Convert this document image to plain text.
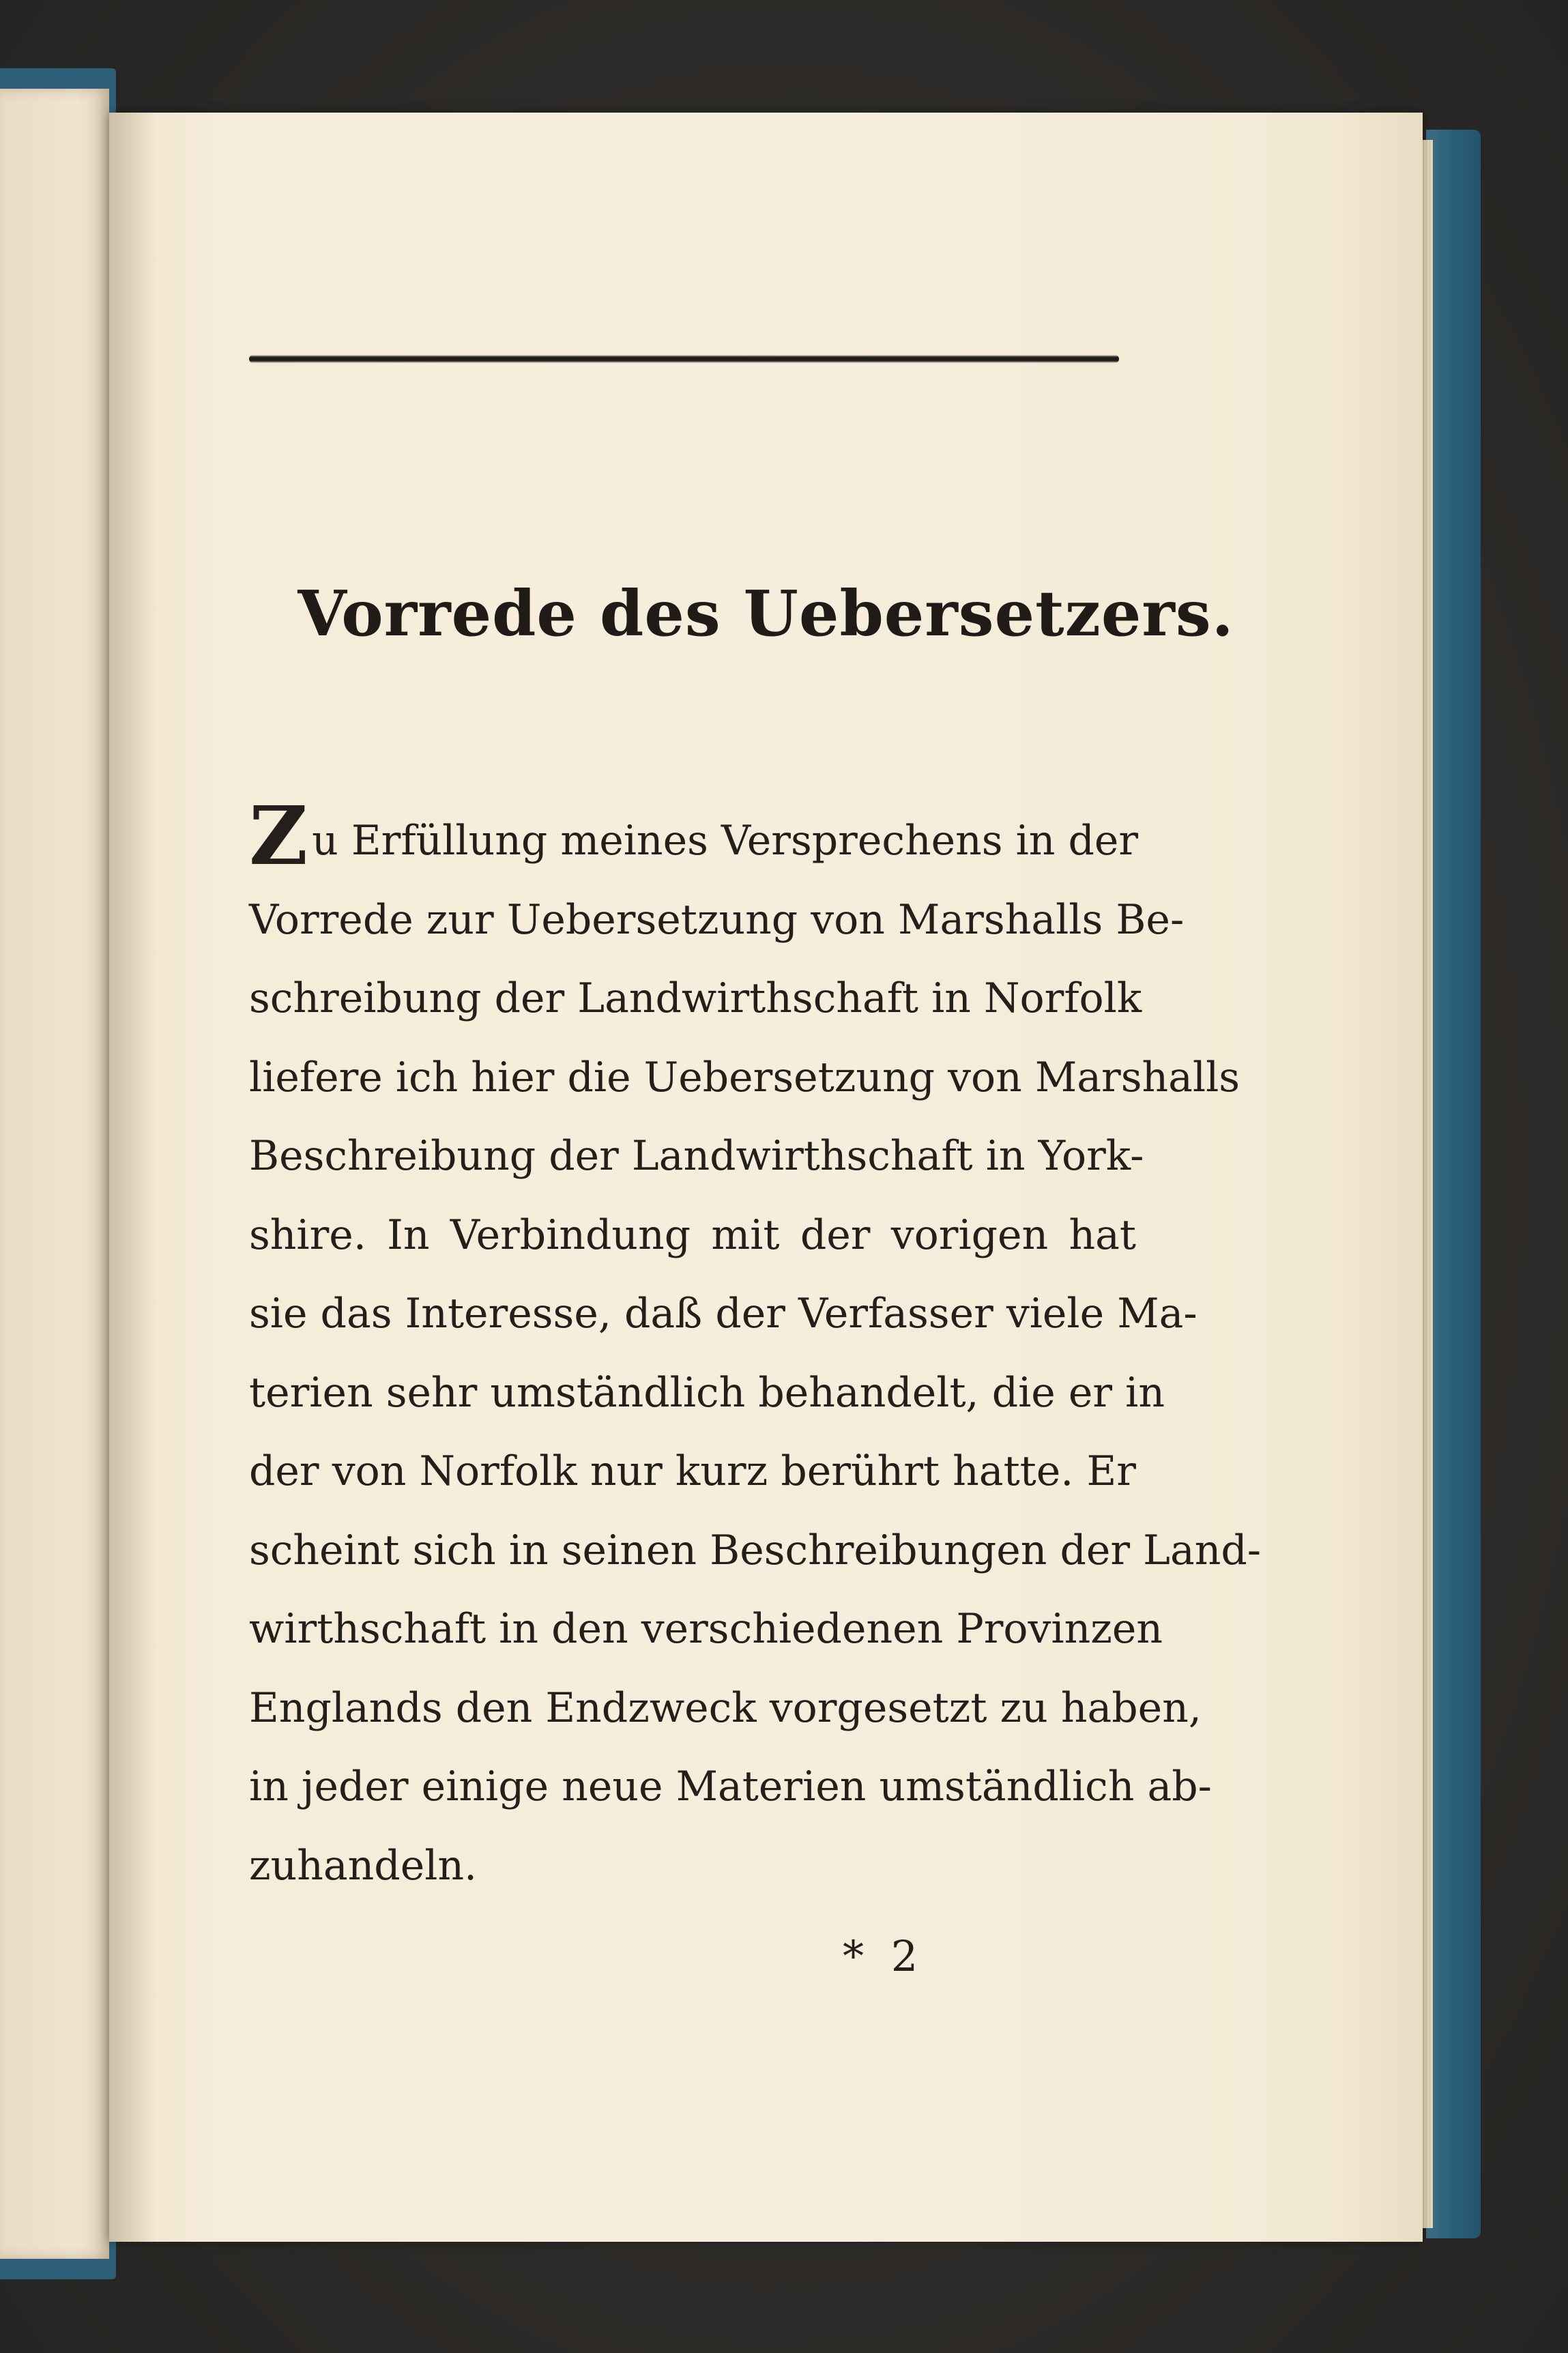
Vorrede des Uebersetzers.
Zu Erfüllung meines Versprechens in der
Vorrede zur Uebersetzung von Marshalls Be-
schreibung der Landwirthschaft in Norfolk
liefere ich hier die Uebersetzung von Marshalls
Beschreibung der Landwirthschaft in York-
shire. In Verbindung mit der vorigen hat
sie das Interesse, daß der Verfasser viele Ma-
terien sehr umständlich behandelt, die er in
der von Norfolk nur kurz berührt hatte. Er
scheint sich in seinen Beschreibungen der Land-
wirthschaft in den verschiedenen Provinzen
Englands den Endzweck vorgesetzt zu haben,
in jeder einige neue Materien umständlich ab-
zuhandeln.
* 2
